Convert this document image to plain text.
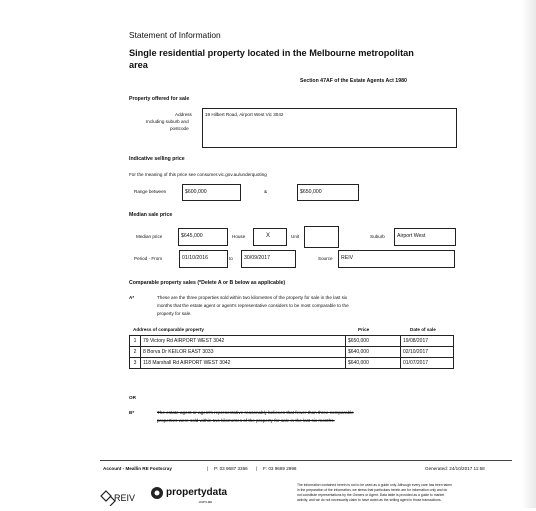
Statement of Information
Single residential property located in the Melbourne metropolitan
area
Section 47AF of the Estate Agents Act 1980
Property offered for sale
Address
Including suburb and
postcode
19 Hilbert Road, Airport West Vic 3042
Indicative selling price
For the meaning of this price see consumer.vic.gov.au/underquoting
Range between	$600,000	&	$650,000
Median sale price
Median price	$645,000	House	X	Unit	Suburb	Airport West
Period - From	01/10/2016	to	30/09/2017	Source	REIV
Comparable property sales (*Delete A or B below as applicable)
A*	These are the three properties sold within two kilometres of the property for sale in the last six
months that the estate agent or agent's representative considers to be most comparable to the
property for sale.
Address of comparable property	Price	Date of sale
1	79 Victory Rd AIRPORT WEST 3042	$650,000	19/08/2017
2	8 Borva Dr KEILOR EAST 3033	$640,000	02/10/2017
3	118 Marshall Rd AIRPORT WEST 3042	$640,000	01/07/2017
OR
B*	The estate agent or agent's representative reasonably believes that fewer than three comparable
properties were sold within two kilometres of the property for sale in the last six months.
Account - Meallin RE Footscray	| P: 03 9687 3366 | F: 03 9689 2998	Generated: 24/10/2017 11:58
REIV	propertydata
.com.au
The information contained herein is not to be used as a guide only. Although every care has been taken
in the preparation of the information, we stress that particulars herein are for information only and do
not constitute representations by the Owners or Agent. Data table is provided as a guide to market
activity, and we do not necessarily claim to have acted as the selling agent in those transactions.
